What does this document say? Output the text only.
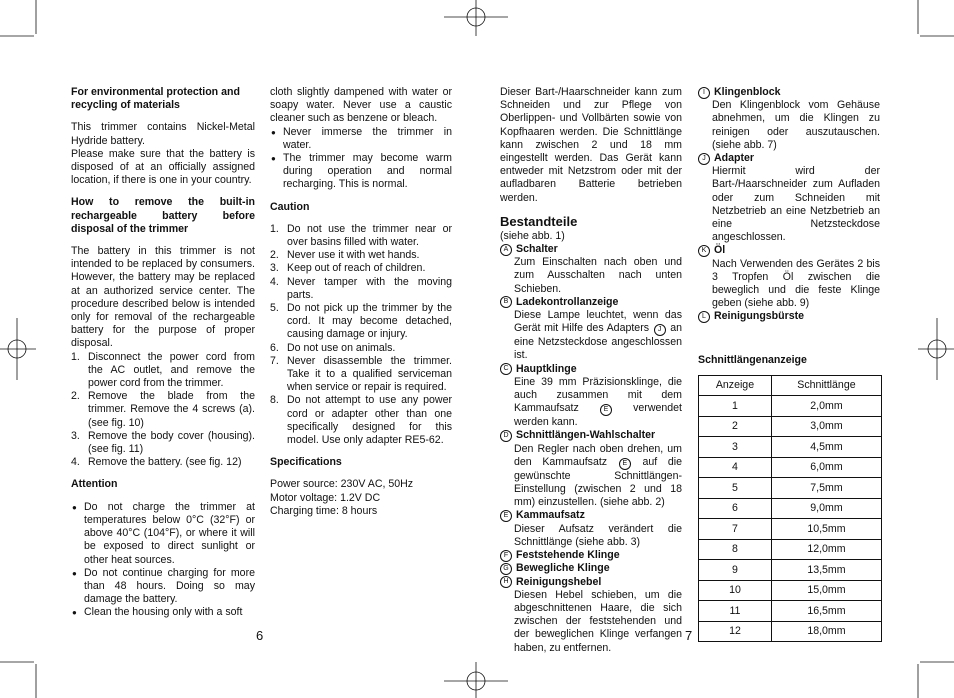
For environmental protection and recycling of materials

This trimmer contains Nickel-Metal Hydride battery.
Please make sure that the battery is disposed of at an officially assigned location, if there is one in your country.

How to remove the built-in rechargeable battery before disposal of the trimmer

The battery in this trimmer is not intended to be replaced by consumers. However, the battery may be replaced at an authorized service center. The procedure described below is intended only for removal of the rechargeable battery for the purpose of proper disposal.

1. Disconnect the power cord from the AC outlet, and remove the power cord from the trimmer.
2. Remove the blade from the trimmer. Remove the 4 screws (a). (see fig. 10)
3. Remove the body cover (housing). (see fig. 11)
4. Remove the battery. (see fig. 12)

Attention

● Do not charge the trimmer at temperatures below 0°C (32°F) or above 40°C (104°F), or where it will be exposed to direct sunlight or other heat sources.
● Do not continue charging for more than 48 hours. Doing so may damage the battery.
● Clean the housing only with a soft

cloth slightly dampened with water or soapy water. Never use a caustic cleaner such as benzene or bleach.

● Never immerse the trimmer in water.
● The trimmer may become warm during operation and normal recharging. This is normal.

Caution

1. Do not use the trimmer near or over basins filled with water.
2. Never use it with wet hands.
3. Keep out of reach of children.
4. Never tamper with the moving parts.
5. Do not pick up the trimmer by the cord. It may become detached, causing damage or injury.
6. Do not use on animals.
7. Never disassemble the trimmer. Take it to a qualified serviceman when service or repair is required.
8. Do not attempt to use any power cord or adapter other than one specifically designed for this model. Use only adapter RE5-62.

Specifications

Power source: 230V AC, 50Hz

Motor voltage: 1.2V DC

Charging time: 8 hours

6

Dieser Bart-/Haarschneider kann zum Schneiden und zur Pflege von Oberlippen- und Vollbärten sowie von Kopfhaaren werden. Die Schnittlänge kann zwischen 2 und 18 mm eingestellt werden. Das Gerät kann entweder mit Netzstrom oder mit der aufladbaren Batterie betrieben werden.

Bestandteile

(siehe abb. 1)

A Schalter
Zum Einschalten nach oben und zum Ausschalten nach unten Schieben.
B Ladekontrollanzeige
Diese Lampe leuchtet, wenn das Gerät mit Hilfe des Adapters J an eine Netzsteckdose angeschlossen ist.
C Hauptklinge
Eine 39 mm Präzisionsklinge, die auch zusammen mit dem Kammaufsatz	E verwendet werden kann.
D Schnittlängen-Wahlschalter
Den Regler nach oben drehen, um den Kammaufsatz E auf die gewünschte Schnittlängen-Einstellung (zwischen 2 und 18 mm) einzustellen. (siehe abb. 2)
E Kammaufsatz
Dieser Aufsatz verändert die Schnittlänge (siehe abb. 3)
F Feststehende Klinge
G Bewegliche Klinge
H Reinigungshebel
Diesen Hebel schieben, um die abgeschnittenen Haare, die sich zwischen der feststehenden und der beweglichen Klinge verfangen haben, zu entfernen.
I Klingenblock
Den Klingenblock vom Gehäuse abnehmen, um die Klingen zu reinigen oder auszutauschen. (siehe abb. 7)
J Adapter
Hiermit wird der Bart-/Haarschneider zum Aufladen oder zum Schneiden mit Netzbetrieb an eine Netzbetrieb an eine Netzsteckdose angeschlossen.
K Öl
Nach Verwenden des Gerätes 2 bis 3 Tropfen Öl zwischen die beweglich und die feste Klinge geben (siehe abb. 9)
L Reinigungsbürste

Schnittlängenanzeige

Anzeige	Schnittlänge
1	2,0mm
2	3,0mm
3	4,5mm
4	6,0mm
5	7,5mm
6	9,0mm
7	10,5mm
8	12,0mm
9	13,5mm
10	15,0mm
11	16,5mm
12	18,0mm
7
